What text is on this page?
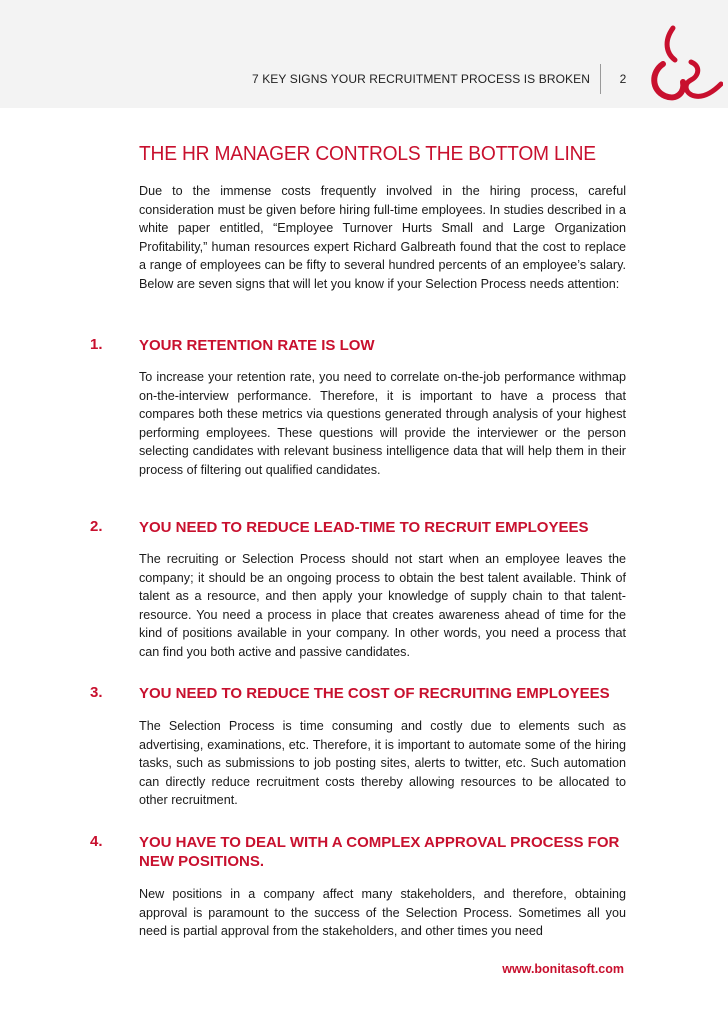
7 KEY SIGNS YOUR RECRUITMENT PROCESS IS BROKEN	2
THE HR MANAGER CONTROLS THE BOTTOM LINE
Due to the immense costs frequently involved in the hiring process, careful consideration must be given before hiring full-time employees. In studies described in a white paper entitled, “Employee Turnover Hurts Small and Large Organization Profitability,” human resources expert Richard Galbreath found that the cost to replace a range of employees can be fifty to several hundred percents of an employee’s salary. Below are seven signs that will let you know if your Selection Process needs attention:
1. YOUR RETENTION RATE IS LOW
To increase your retention rate, you need to correlate on-the-job performance withmap on-the-interview performance. Therefore, it is important to have a process that compares both these metrics via questions generated through analysis of your highest performing employees. These questions will provide the interviewer or the person selecting candidates with relevant business intelligence data that will help them in their process of filtering out qualified candidates.
2. YOU NEED TO REDUCE LEAD-TIME TO RECRUIT EMPLOYEES
The recruiting or Selection Process should not start when an employee leaves the company; it should be an ongoing process to obtain the best talent available. Think of talent as a resource, and then apply your knowledge of supply chain to that talent-resource. You need a process in place that creates awareness ahead of time for the kind of positions available in your company. In other words, you need a process that can find you both active and passive candidates.
3. YOU NEED TO REDUCE THE COST OF RECRUITING EMPLOYEES
The Selection Process is time consuming and costly due to elements such as advertising, examinations, etc. Therefore, it is important to automate some of the hiring tasks, such as submissions to job posting sites, alerts to twitter, etc. Such automation can directly reduce recruitment costs thereby allowing resources to be allocated to other recruitment.
4. YOU HAVE TO DEAL WITH A COMPLEX APPROVAL PROCESS FOR NEW POSITIONS.
New positions in a company affect many stakeholders, and therefore, obtaining approval is paramount to the success of the Selection Process. Sometimes all you need is partial approval from the stakeholders, and other times you need
www.bonitasoft.com
